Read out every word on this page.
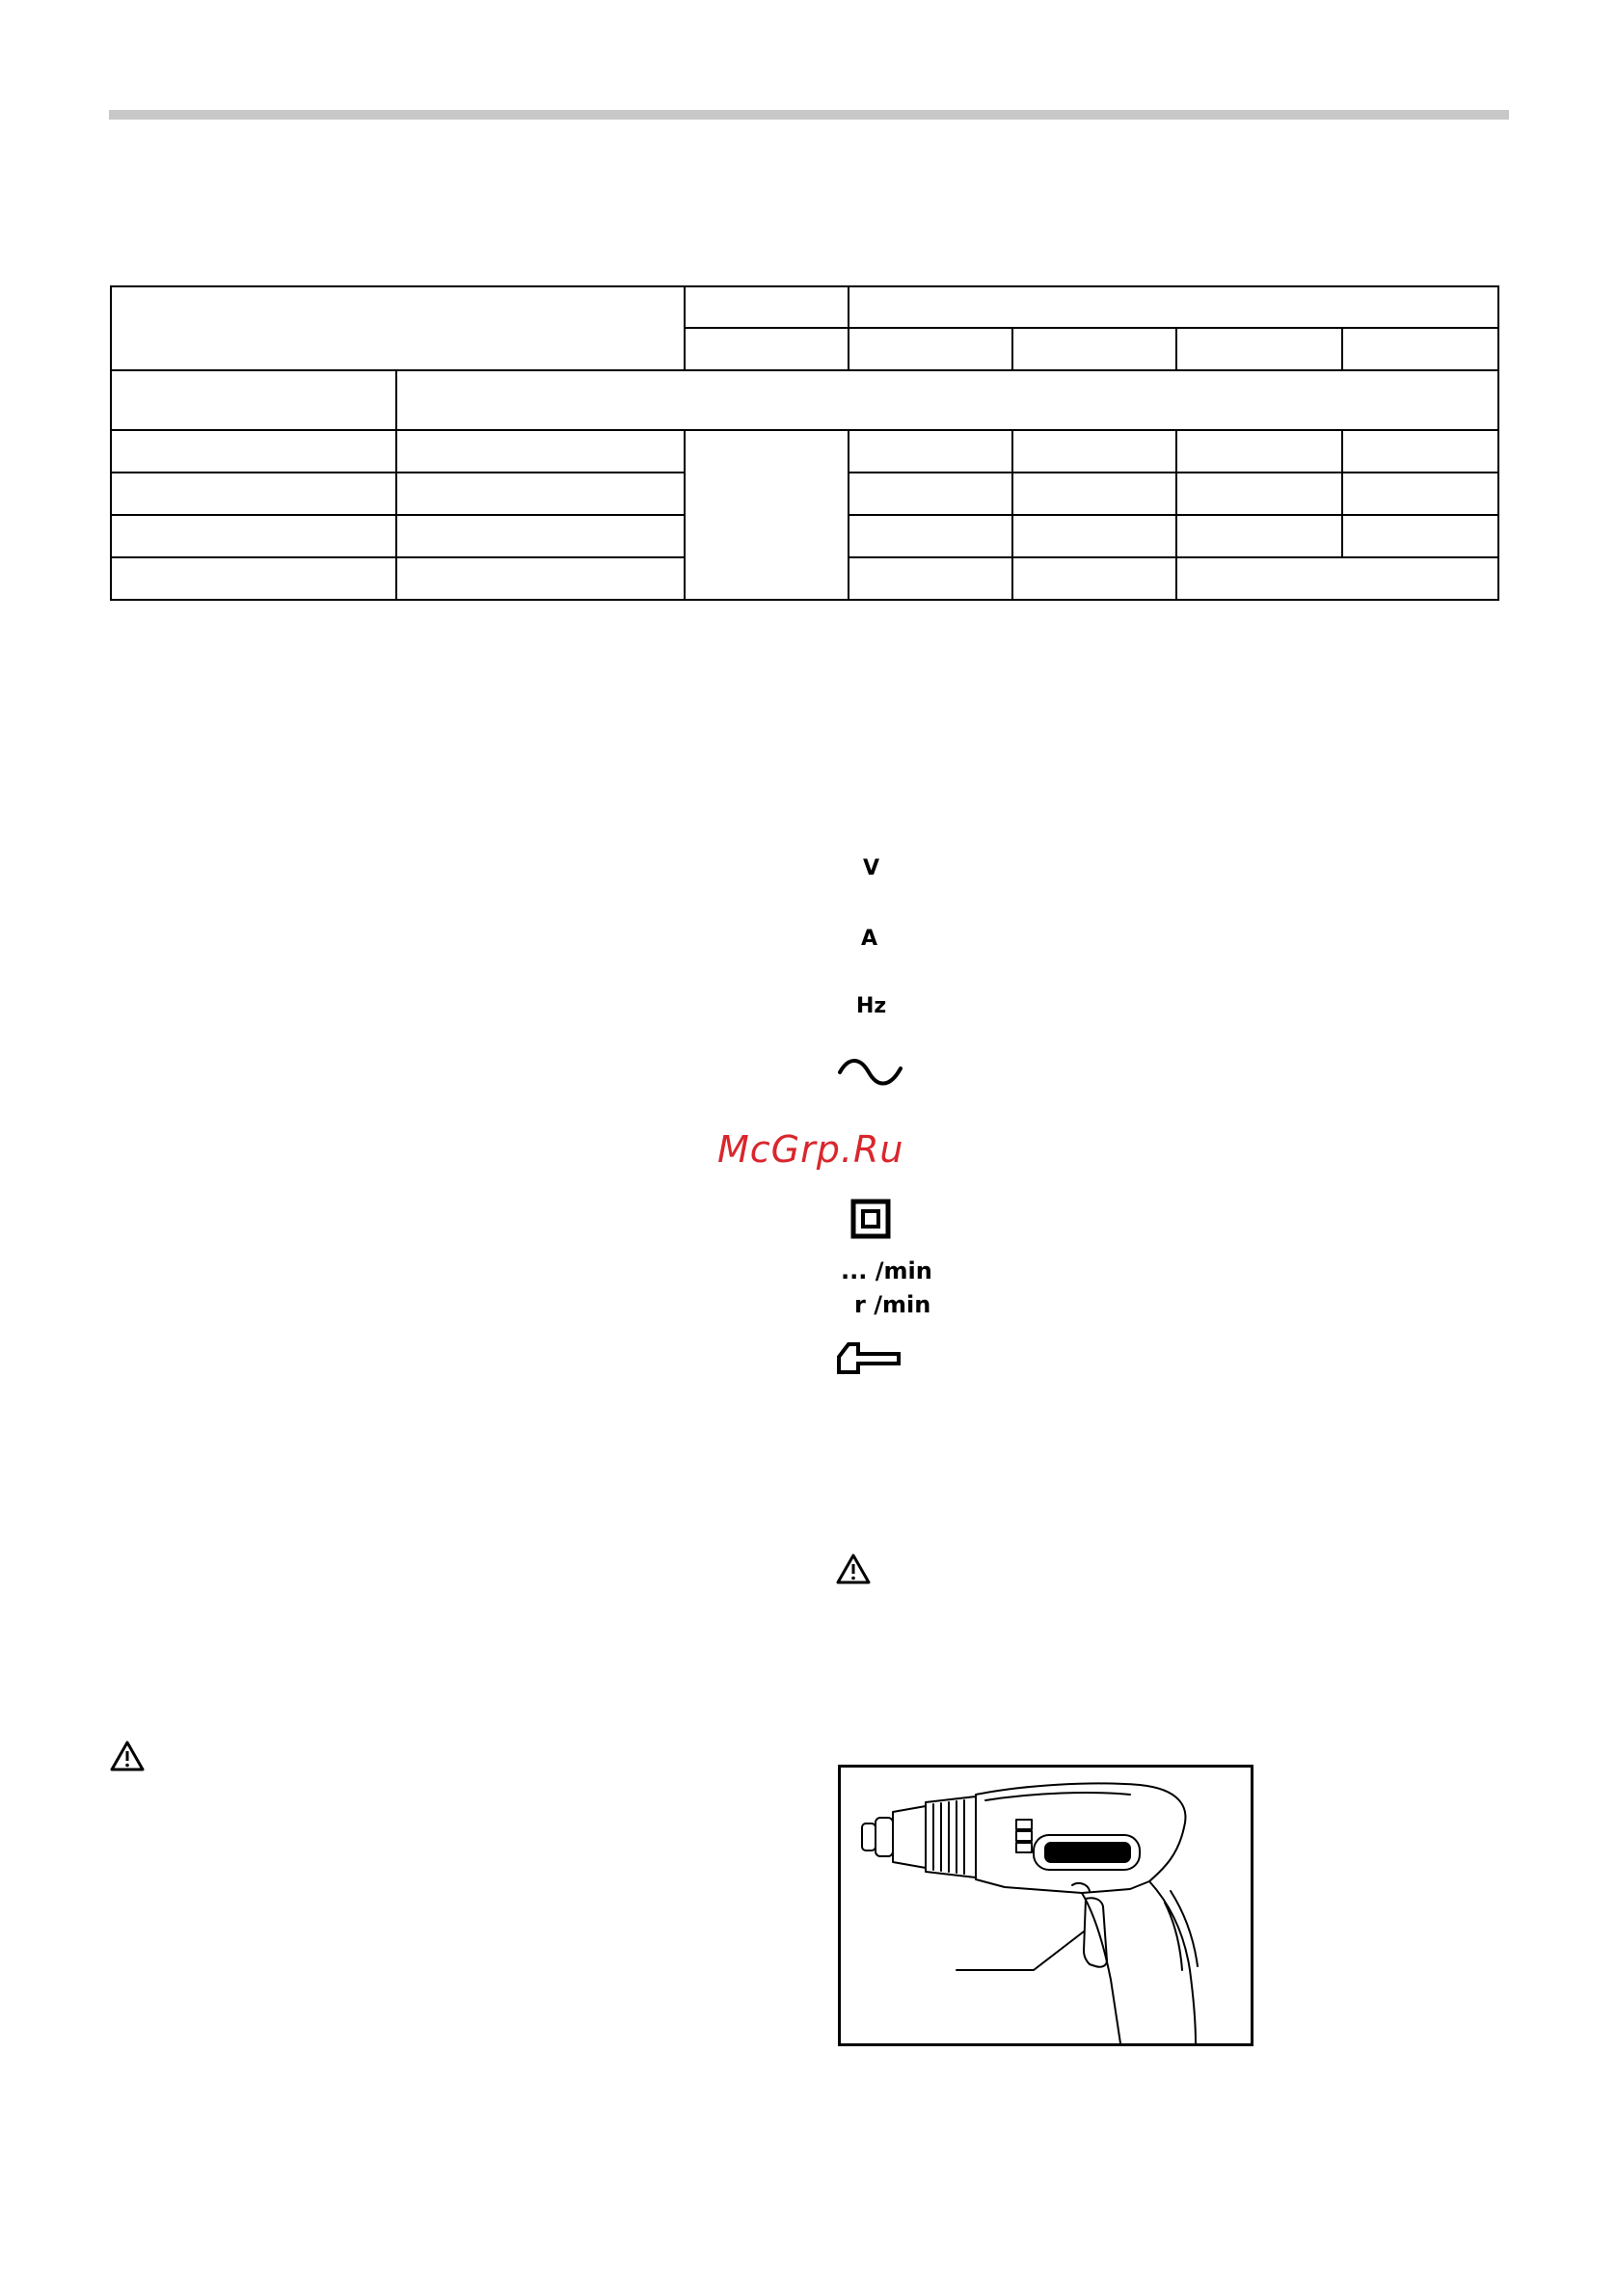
V
A
Hz
McGrp.Ru
... /min
r /min
